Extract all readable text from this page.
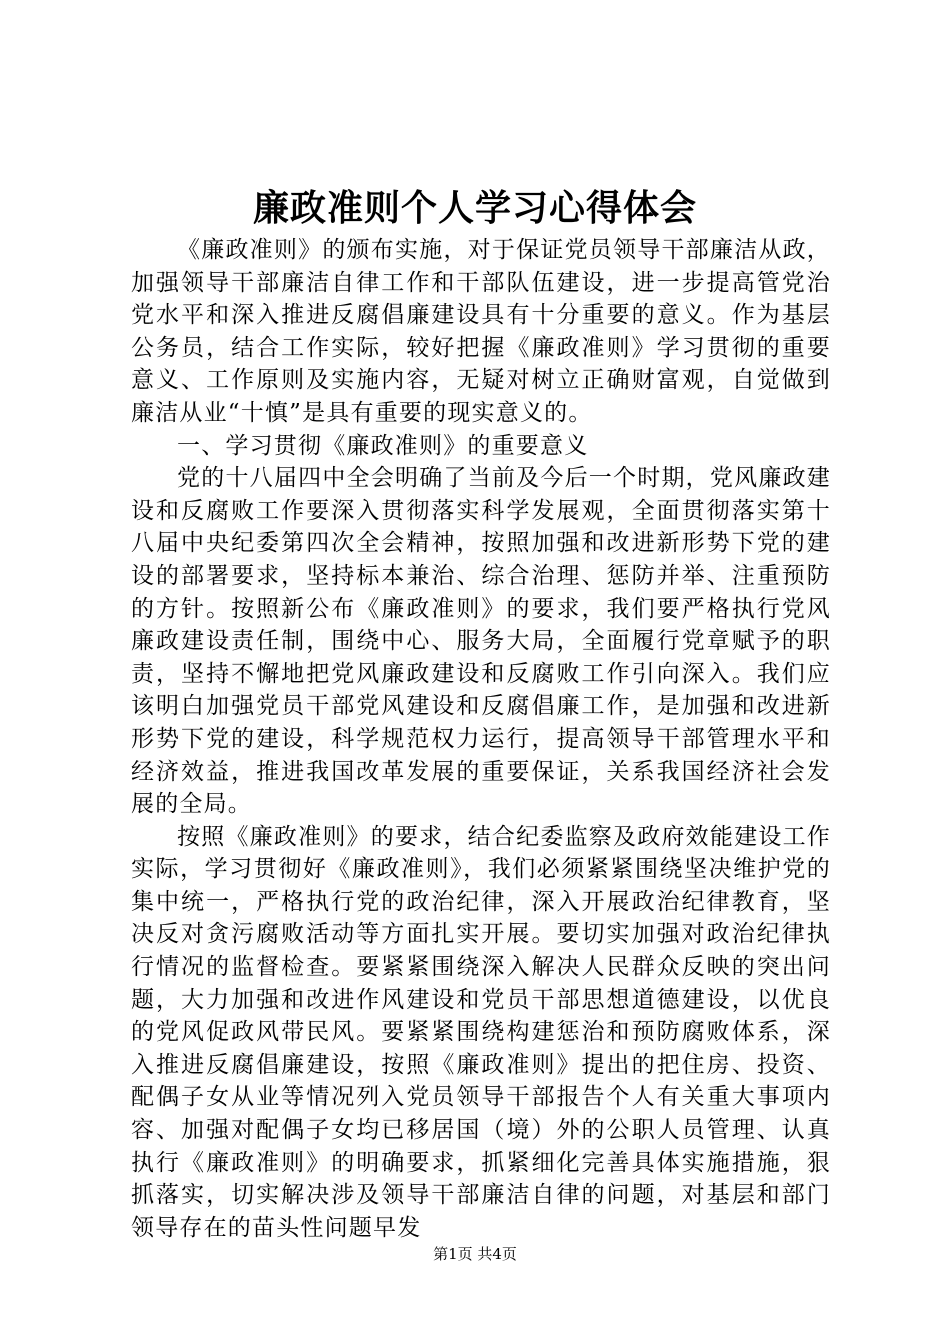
廉政准则个人学习心得体会

《廉政准则》的颁布实施，对于保证党员领导干部廉洁从政，加强领导干部廉洁自律工作和干部队伍建设，进一步提高管党治党水平和深入推进反腐倡廉建设具有十分重要的意义。作为基层公务员，结合工作实际，较好把握《廉政准则》学习贯彻的重要意义、工作原则及实施内容，无疑对树立正确财富观，自觉做到廉洁从业“十慎”是具有重要的现实意义的。

一、学习贯彻《廉政准则》的重要意义

党的十八届四中全会明确了当前及今后一个时期，党风廉政建设和反腐败工作要深入贯彻落实科学发展观，全面贯彻落实第十八届中央纪委第四次全会精神，按照加强和改进新形势下党的建设的部署要求，坚持标本兼治、综合治理、惩防并举、注重预防的方针。按照新公布《廉政准则》的要求，我们要严格执行党风廉政建设责任制，围绕中心、服务大局，全面履行党章赋予的职责，坚持不懈地把党风廉政建设和反腐败工作引向深入。我们应该明白加强党员干部党风建设和反腐倡廉工作，是加强和改进新形势下党的建设，科学规范权力运行，提高领导干部管理水平和经济效益，推进我国改革发展的重要保证，关系我国经济社会发展的全局。

按照《廉政准则》的要求，结合纪委监察及政府效能建设工作实际，学习贯彻好《廉政准则》，我们必须紧紧围绕坚决维护党的集中统一，严格执行党的政治纪律，深入开展政治纪律教育，坚决反对贪污腐败活动等方面扎实开展。要切实加强对政治纪律执行情况的监督检查。要紧紧围绕深入解决人民群众反映的突出问题，大力加强和改进作风建设和党员干部思想道德建设，以优良的党风促政风带民风。要紧紧围绕构建惩治和预防腐败体系，深入推进反腐倡廉建设，按照《廉政准则》提出的把住房、投资、配偶子女从业等情况列入党员领导干部报告个人有关重大事项内容、加强对配偶子女均已移居国（境）外的公职人员管理、认真执行《廉政准则》的明确要求，抓紧细化完善具体实施措施，狠抓落实，切实解决涉及领导干部廉洁自律的问题，对基层和部门领导存在的苗头性问题早发

第1页 共4页
